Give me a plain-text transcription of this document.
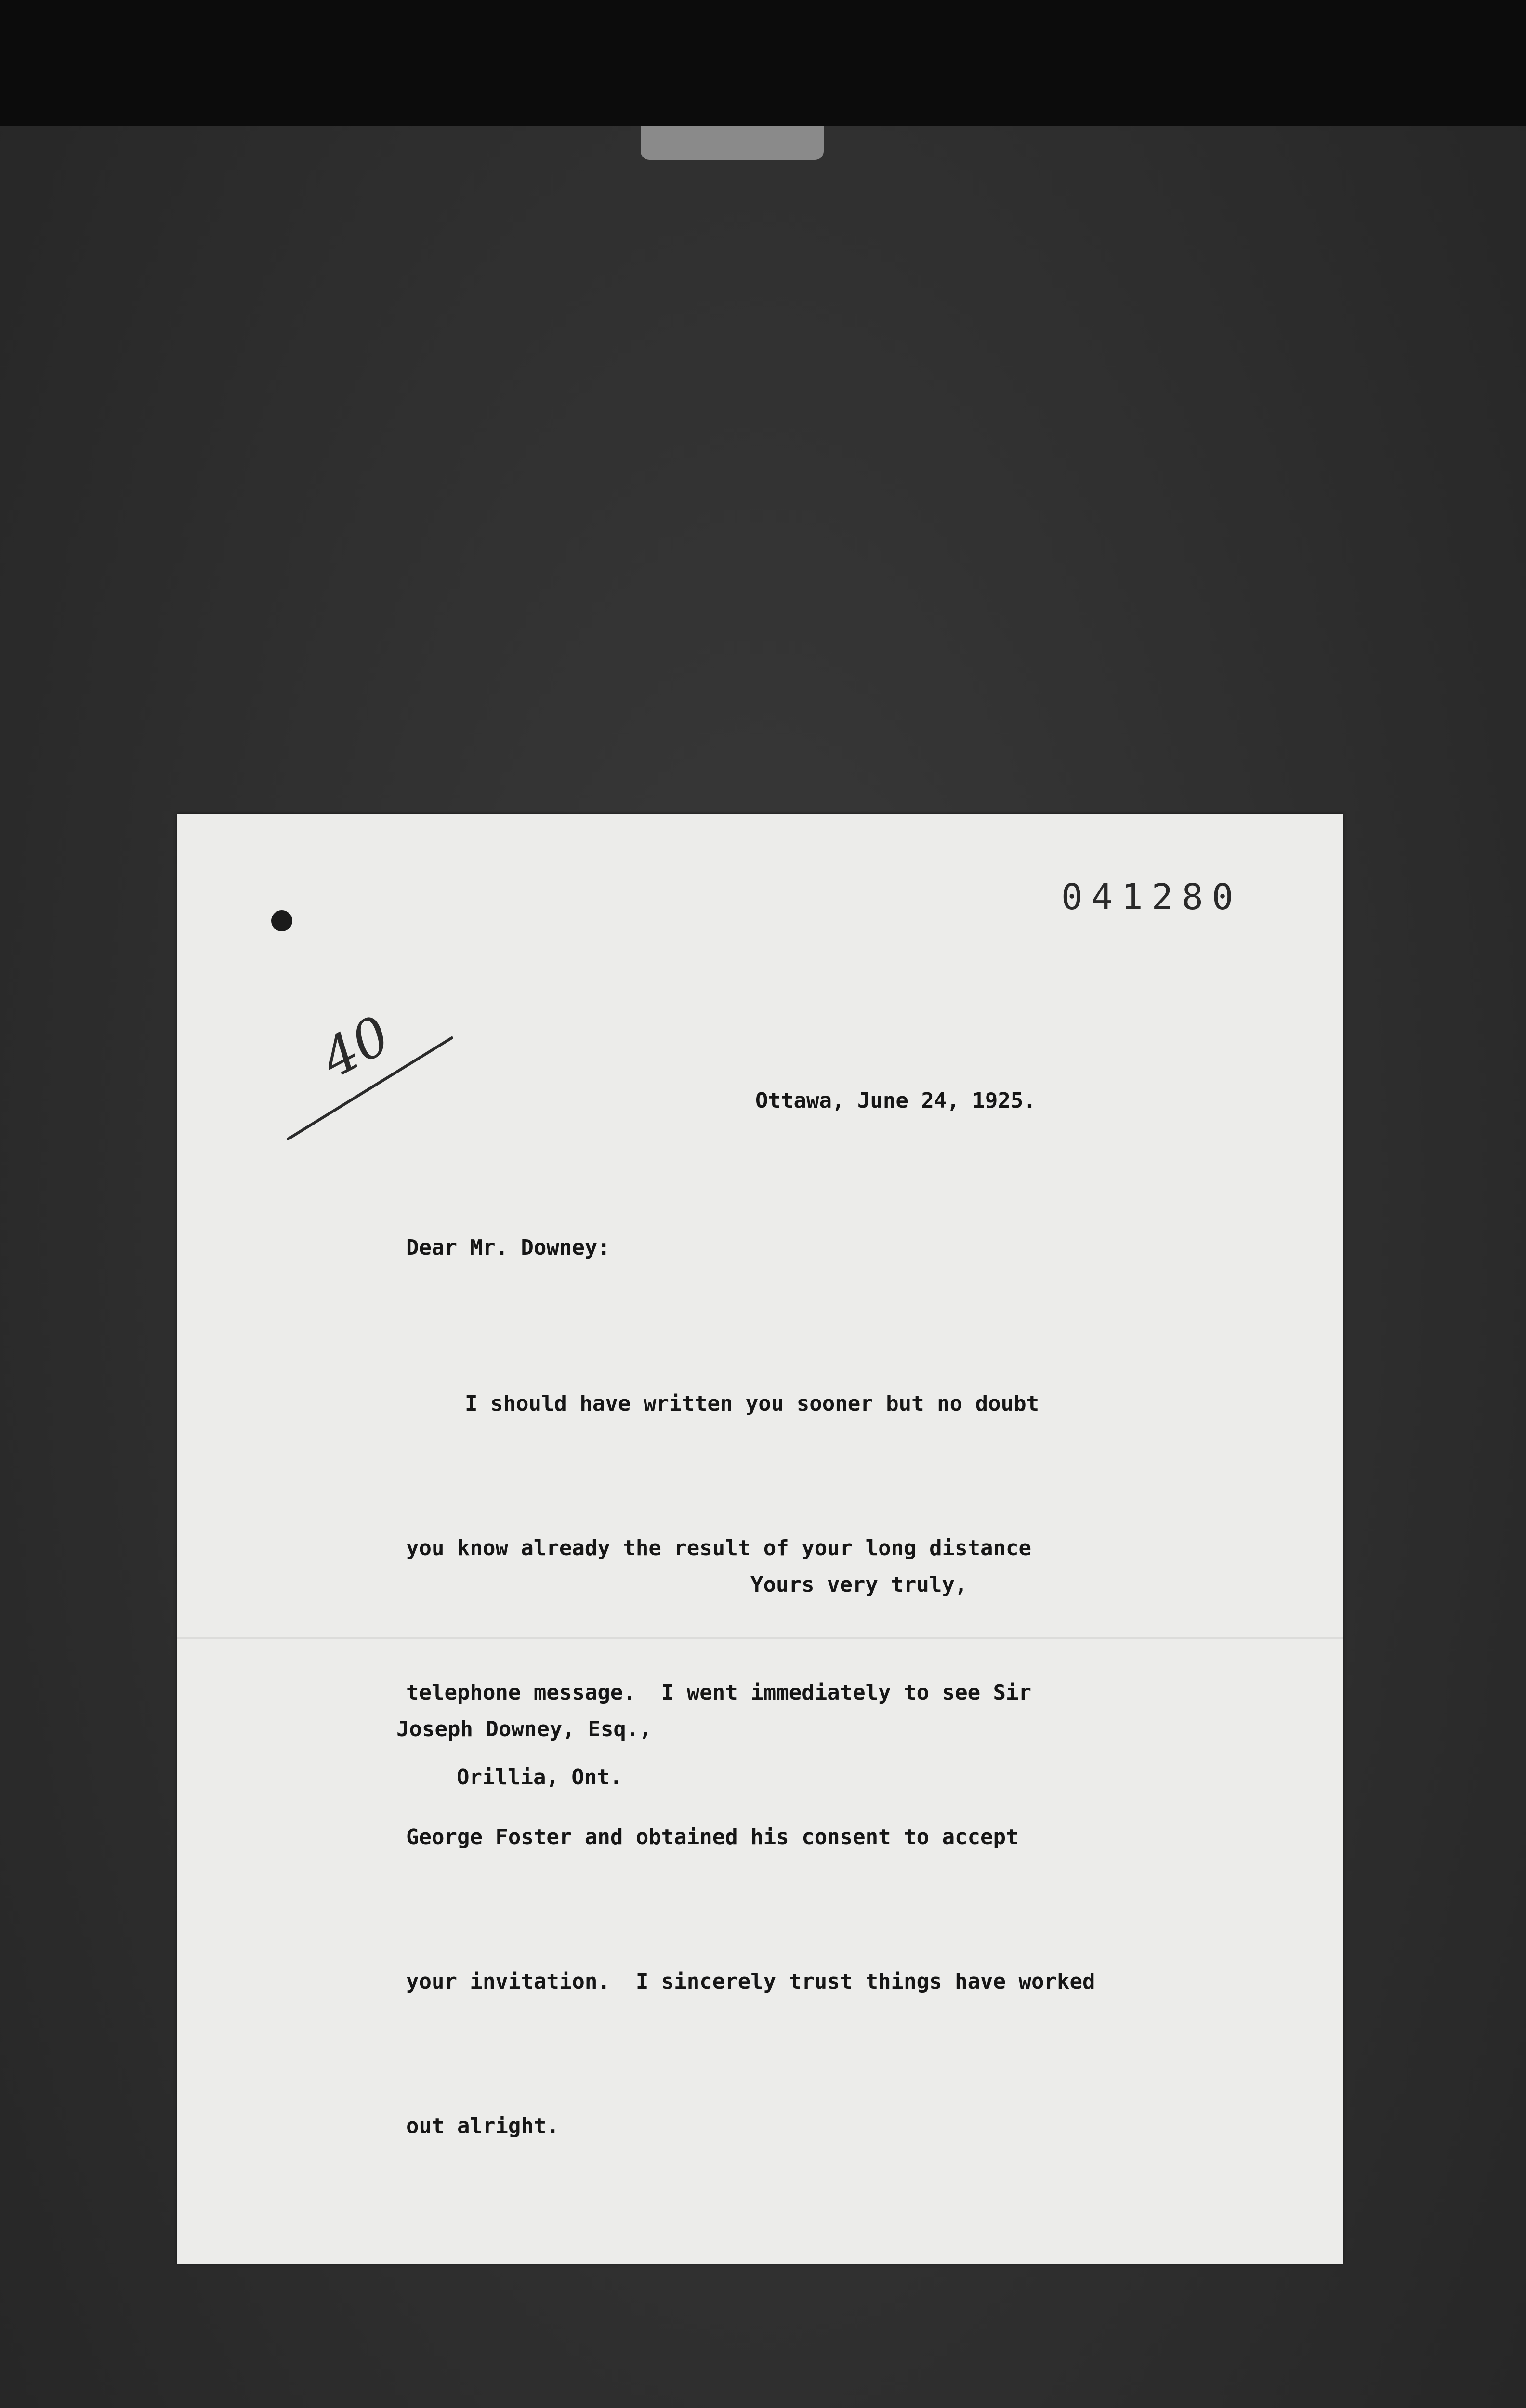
041280
40
Ottawa, June 24, 1925.
Dear Mr. Downey:

I should have written you sooner but no doubt

you know already the result of your long distance

telephone message.  I went immediately to see Sir

George Foster and obtained his consent to accept

your invitation.  I sincerely trust things have worked

out alright.

Yours very truly,
Joseph Downey, Esq.,
Orillia, Ont.
